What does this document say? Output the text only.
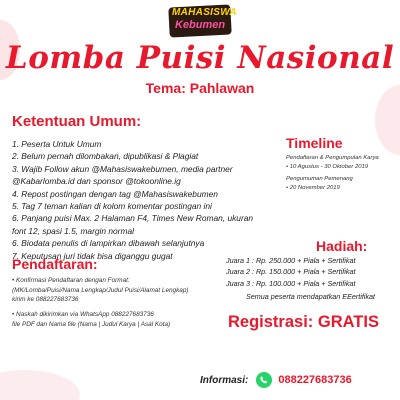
MAHASISWA
Kebumen
Lomba Puisi Nasional
Tema: Pahlawan
Ketentuan Umum:
1. Peserta Untuk Umum
2. Belum pernah dilombakan, dipublikasi & Plagiat
3. Wajib Follow akun @Mahasiswakebumen, media partner
@Kabarlomba.id dan sponsor @tokoonline.ig
4. Repost postingan dengan tag @Mahasiswakebumen
5. Tag 7 teman kalian di kolom komentar postingan ini
6. Panjang puisi Max. 2 Halaman F4, Times New Roman, ukuran
font 12, spasi 1.5, margin normal
6. Biodata penulis di lampirkan dibawah selanjutnya
7. Keputusan juri tidak bisa diganggu gugat
Timeline
Pendaftaran & Pengumpulan Karya
• 10 Agustus - 30 Oktober 2019
Pengumuman Pemenang
• 20 November 2019
Hadiah:
Juara 1 : Rp. 250.000 + Piala + Sertifikat
Juara 2 : Rp. 150.000 + Piala + Sertifikat
Juara 3 : Rp. 100.000 + Piala + Sertifikat
Semua peserta mendapatkan EEertifikat
Pendaftaran:
• Konfirmasi Pendaftaran dengan Format:
(MK/Lomba/Puisi/Nama Lengkap/Judul Puisi/Alamat Lengkap)
kirim ke 088227683736
• Naskah dikirimkan via WhatsApp 088227683736
file PDF dan Nama file (Nama | Judul Karya | Asal Kota)	Registrasi: GRATIS
Informasi:	088227683736
